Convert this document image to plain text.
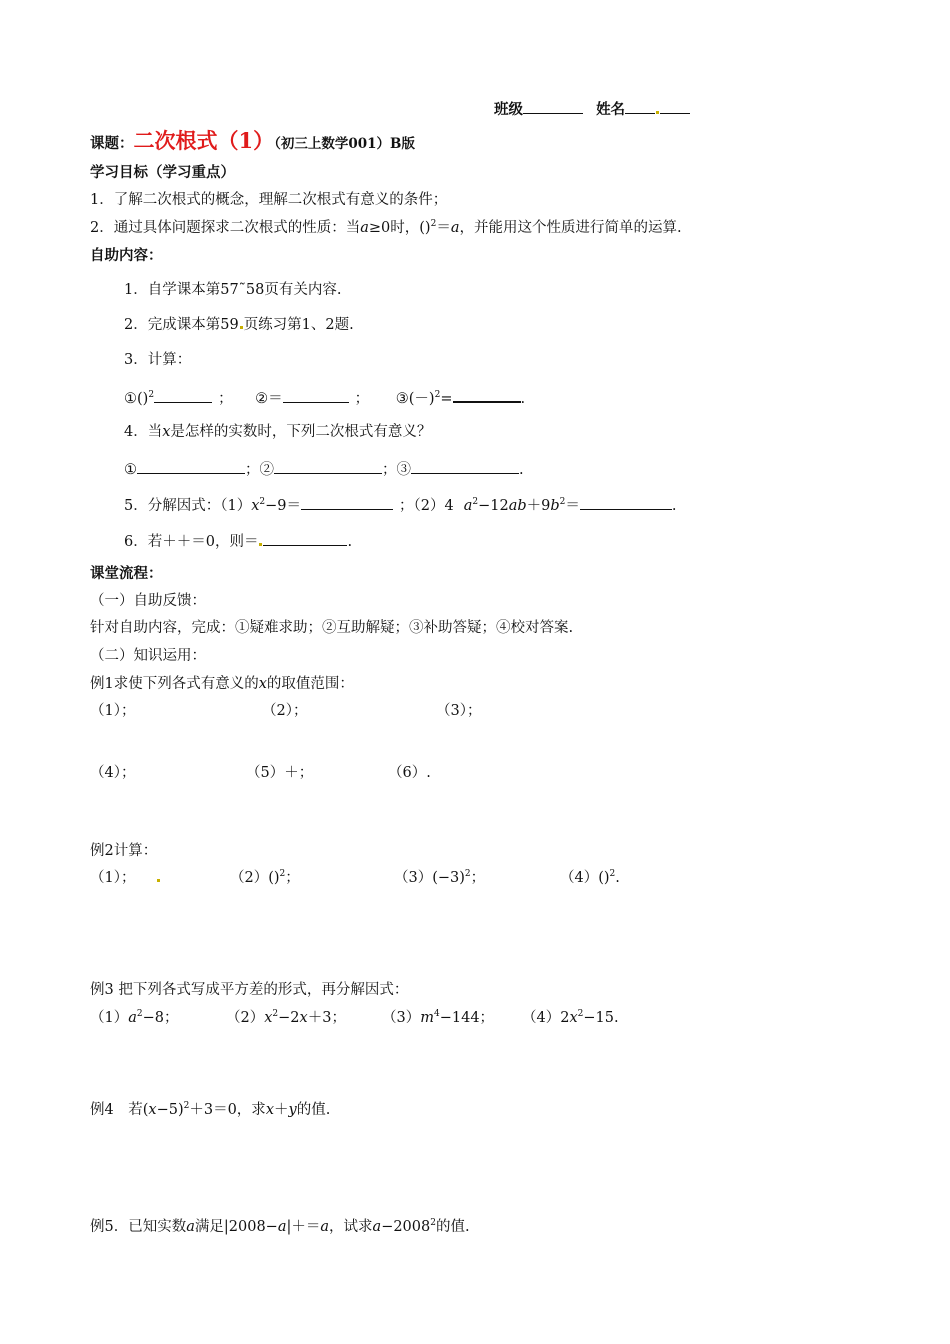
班级	姓名
课题：二次根式（1）（初三上数学001）B版
学习目标（学习重点）
1．了解二次根式的概念，理解二次根式有意义的条件；
2．通过具体问题探求二次根式的性质：当a≥0时，()$^2$＝a，并能用这个性质进行简单的运算.
自助内容：
1．自学课本第57˜58页有关内容.
2．完成课本第59 页练习第1、2题.
3．计算：
①()$^2$	； ②＝	； $③(-)^2=$	.
4．当x是怎样的实数时，下列二次根式有意义？
①	；②	；③	.
5．分解因式：$(1)x^2-9=$	；（2）4 $a^2-12ab+9b^2=$	.
6．若＋＋＝0，则＝	.
课堂流程：
（一）自助反馈：
针对自助内容，完成：①疑难求助；②互助解疑；③补助答疑；④校对答案.
（二）知识运用：
例1求使下列各式有意义的x的取值范围：
（1）；	（2）；	（3）；
（4）；	（5）＋；	（6）.
例2计算：
（1）；	（2）()$^2$；	$(3)(-3)^2$；	（4）()$^2$.
例3 把下列各式写成平方差的形式，再分解因式：
$(1)a^2-8$；	$(2)x^2-2x+3$； $(3)m^4-144$； $(4)2x^2-15$.
例4　若$(x-5)^2+3=0$，求x＋y的值.
例5．已知实数a满足|2008−a|＋＝a，试求$a-2008^2$的值.
